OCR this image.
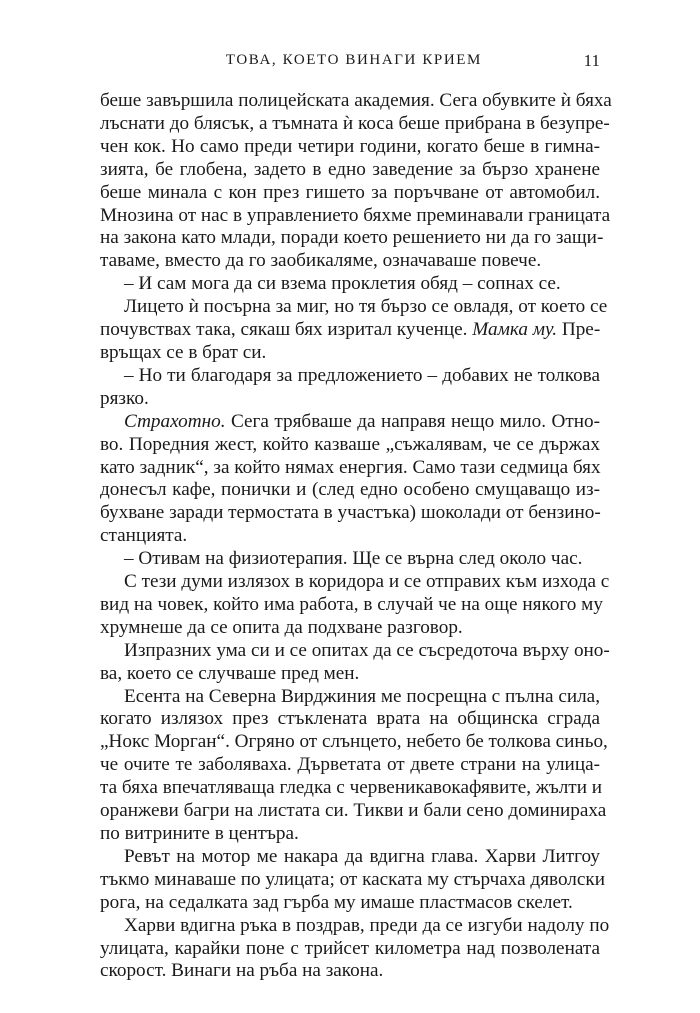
ТОВА, КОЕТО ВИНАГИ КРИЕМ	11

беше завършила полицейската академия. Сега обувките ѝ бяха

лъснати до блясък, а тъмната ѝ коса беше прибрана в безупре-

чен кок. Но само преди четири години, когато беше в гимна-

зията, бе глобена, задето в едно заведение за бързо хранене

беше минала с кон през гишето за поръчване от автомобил.

Мнозина от нас в управлението бяхме преминавали границата

на закона като млади, поради което решението ни да го защи-

таваме, вместо да го заобикаляме, означаваше повече.

– И сам мога да си взема проклетия обяд – сопнах се.

Лицето ѝ посърна за миг, но тя бързо се овладя, от което се

почувствах така, сякаш бях изритал кученце. Мамка му. Пре-

връщах се в брат си.

– Но ти благодаря за предложението – добавих не толкова

рязко.

Страхотно. Сега трябваше да направя нещо мило. Отно-

во. Поредния жест, който казваше „съжалявам, че се държах

като задник“, за който нямах енергия. Само тази седмица бях

донесъл кафе, понички и (след едно особено смущаващо из-

бухване заради термостата в участъка) шоколади от бензино-

станцията.

– Отивам на физиотерапия. Ще се върна след около час.

С тези думи излязох в коридора и се отправих към изхода с

вид на човек, който има работа, в случай че на още някого му

хрумнеше да се опита да подхване разговор.

Изпразних ума си и се опитах да се съсредоточа върху оно-

ва, което се случваше пред мен.

Есента на Северна Вирджиния ме посрещна с пълна сила,

когато излязох през стъклената врата на общинска сграда

„Нокс Морган“. Огряно от слънцето, небето бе толкова синьо,

че очите те заболяваха. Дърветата от двете страни на улица-

та бяха впечатляваща гледка с червеникавокафявите, жълти и

оранжеви багри на листата си. Тикви и бали сено доминираха

по витрините в центъра.

Ревът на мотор ме накара да вдигна глава. Харви Литгоу

тъкмо минаваше по улицата; от каската му стърчаха дяволски

рога, на седалката зад гърба му имаше пластмасов скелет.

Харви вдигна ръка в поздрав, преди да се изгуби надолу по

улицата, карайки поне с трийсет километра над позволената

скорост. Винаги на ръба на закона.
